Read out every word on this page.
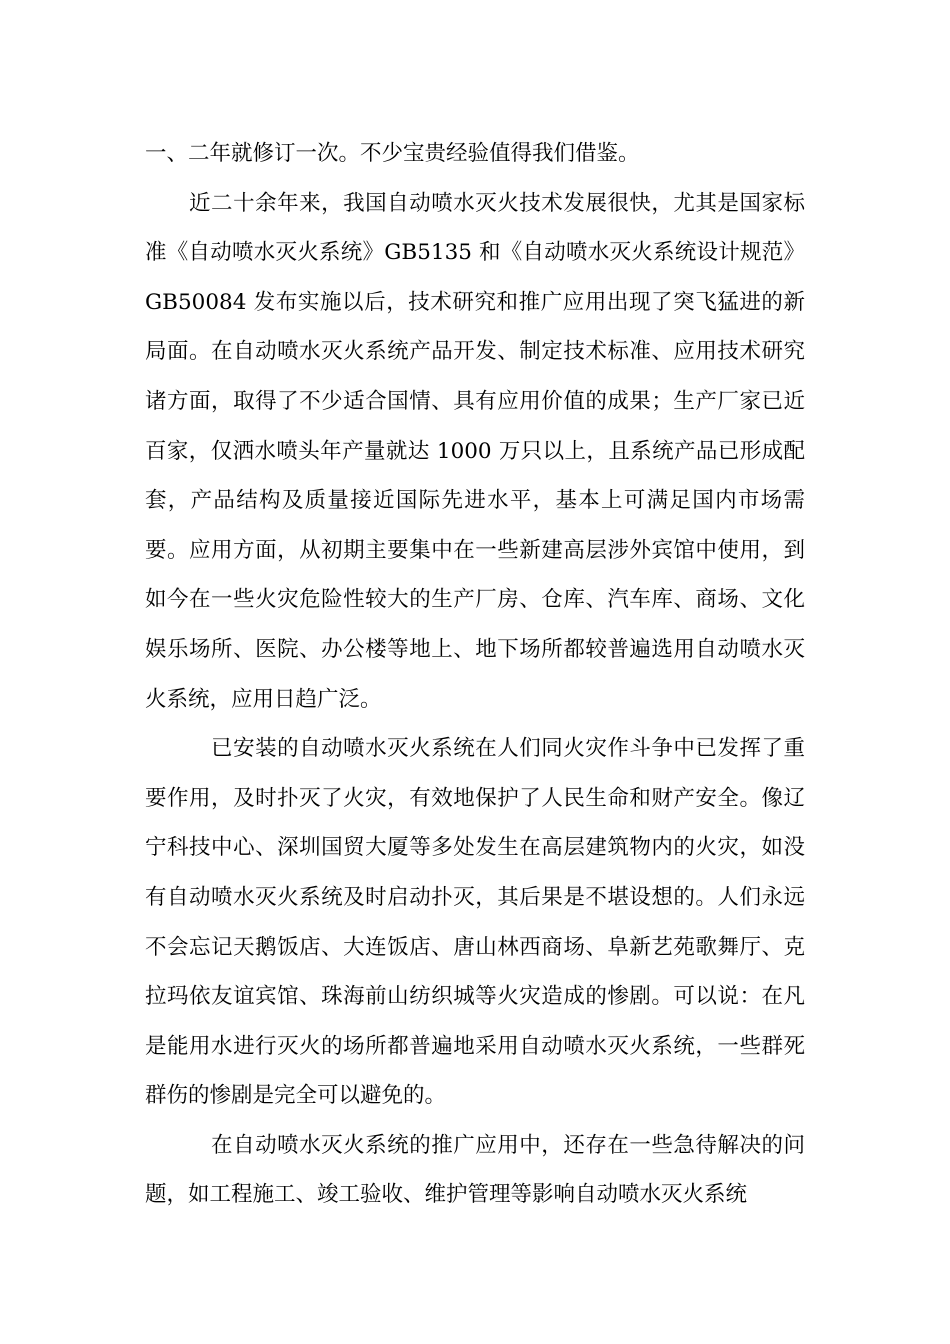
一、二年就修订一次。不少宝贵经验值得我们借鉴。

　　近二十余年来，我国自动喷水灭火技术发展很快，尤其是国家标准《自动喷水灭火系统》GB5135 和《自动喷水灭火系统设计规范》GB50084 发布实施以后，技术研究和推广应用出现了突飞猛进的新局面。在自动喷水灭火系统产品开发、制定技术标准、应用技术研究诸方面，取得了不少适合国情、具有应用价值的成果；生产厂家已近百家，仅洒水喷头年产量就达 1000 万只以上，且系统产品已形成配套，产品结构及质量接近国际先进水平，基本上可满足国内市场需要。应用方面，从初期主要集中在一些新建高层涉外宾馆中使用，到如今在一些火灾危险性较大的生产厂房、仓库、汽车库、商场、文化娱乐场所、医院、办公楼等地上、地下场所都较普遍选用自动喷水灭火系统，应用日趋广泛。

　　　已安装的自动喷水灭火系统在人们同火灾作斗争中已发挥了重要作用，及时扑灭了火灾，有效地保护了人民生命和财产安全。像辽宁科技中心、深圳国贸大厦等多处发生在高层建筑物内的火灾，如没有自动喷水灭火系统及时启动扑灭，其后果是不堪设想的。人们永远不会忘记天鹅饭店、大连饭店、唐山林西商场、阜新艺苑歌舞厅、克拉玛依友谊宾馆、珠海前山纺织城等火灾造成的惨剧。可以说：在凡是能用水进行灭火的场所都普遍地采用自动喷水灭火系统，一些群死群伤的惨剧是完全可以避免的。

　　　在自动喷水灭火系统的推广应用中，还存在一些急待解决的问题，如工程施工、竣工验收、维护管理等影响自动喷水灭火系统
